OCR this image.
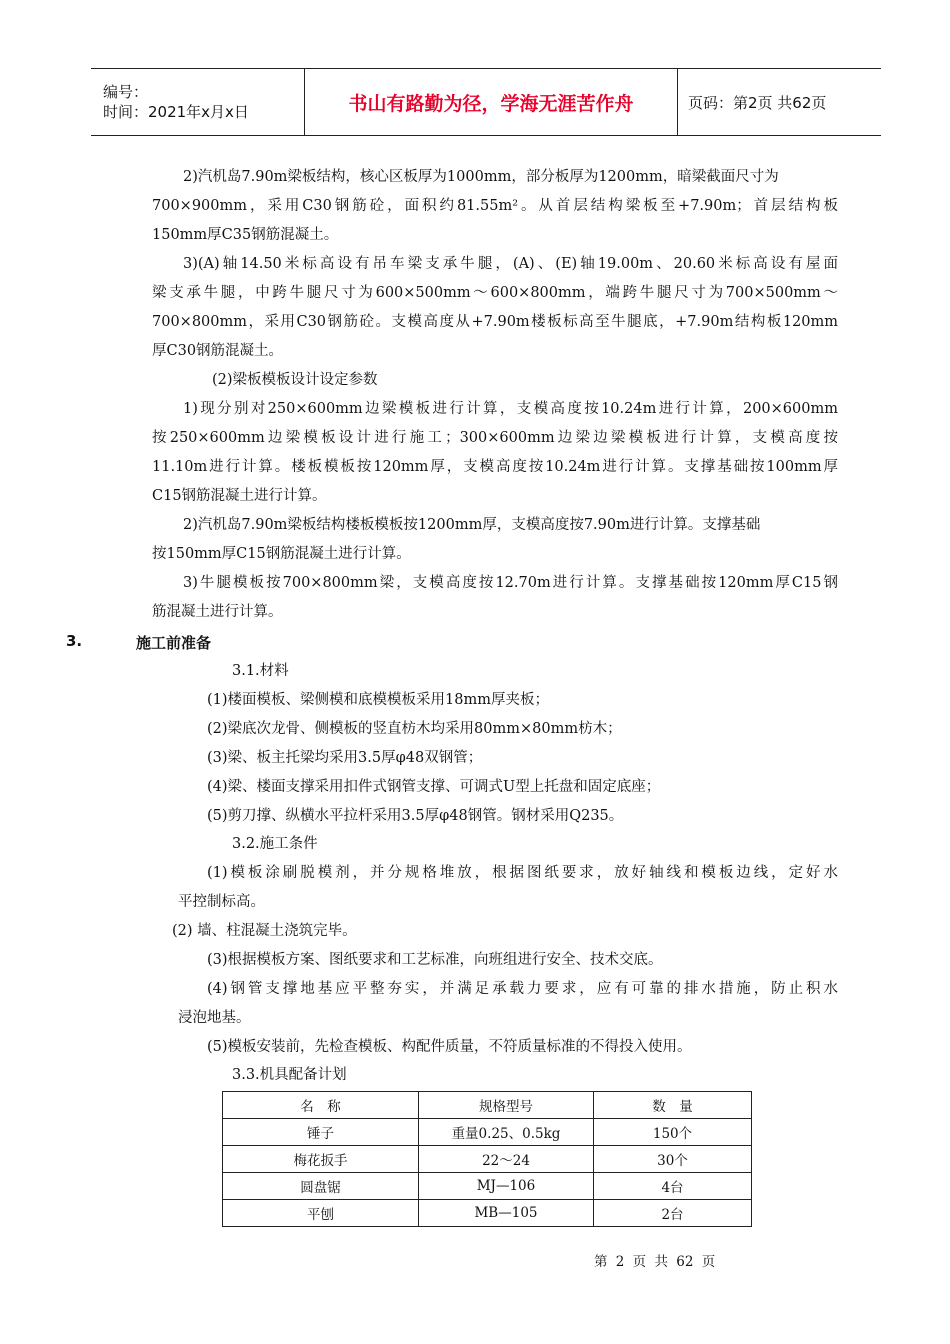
编号：
时间：2021年x月x日	书山有路勤为径，学海无涯苦作舟	页码：第2页 共62页
2)汽机岛7.90m梁板结构，核心区板厚为1000mm，部分板厚为1200mm，暗梁截面尺寸为
700×900mm，采用C30钢筋砼，面积约81.55m²。从首层结构梁板至+7.90m；首层结构板
150mm厚C35钢筋混凝土。
3)(A)轴14.50米标高设有吊车梁支承牛腿，(A)、(E)轴19.00m、20.60米标高设有屋面
梁支承牛腿，中跨牛腿尺寸为600×500mm～600×800mm，端跨牛腿尺寸为700×500mm～
700×800mm，采用C30钢筋砼。支模高度从+7.90m楼板标高至牛腿底，+7.90m结构板120mm
厚C30钢筋混凝土。
(2)梁板模板设计设定参数
1)现分别对250×600mm边梁模板进行计算，支模高度按10.24m进行计算，200×600mm
按250×600mm边梁模板设计进行施工；300×600mm边梁边梁模板进行计算，支模高度按
11.10m进行计算。楼板模板按120mm厚，支模高度按10.24m进行计算。支撑基础按100mm厚
C15钢筋混凝土进行计算。
2)汽机岛7.90m梁板结构楼板模板按1200mm厚，支模高度按7.90m进行计算。支撑基础
按150mm厚C15钢筋混凝土进行计算。
3)牛腿模板按700×800mm梁，支模高度按12.70m进行计算。支撑基础按120mm厚C15钢
筋混凝土进行计算。
3.	施工前准备
3.1.材料
(1)楼面模板、梁侧模和底模模板采用18mm厚夹板；
(2)梁底次龙骨、侧模板的竖直枋木均采用80mm×80mm枋木；
(3)梁、板主托梁均采用3.5厚φ48双钢管；
(4)梁、楼面支撑采用扣件式钢管支撑、可调式U型上托盘和固定底座；
(5)剪刀撑、纵横水平拉杆采用3.5厚φ48钢管。钢材采用Q235。
3.2.施工条件
(1)模板涂刷脱模剂，并分规格堆放，根据图纸要求，放好轴线和模板边线，定好水
平控制标高。
(2) 墙、柱混凝土浇筑完毕。
(3)根据模板方案、图纸要求和工艺标准，向班组进行安全、技术交底。
(4)钢管支撑地基应平整夯实，并满足承载力要求，应有可靠的排水措施，防止积水
浸泡地基。
(5)模板安装前，先检查模板、构配件质量，不符质量标准的不得投入使用。
3.3.机具配备计划
名　称	规格型号	数　量
锤子	重量0.25、0.5kg	150个
梅花扳手	22～24	30个
圆盘锯	MJ—106	4台
平刨	MB—105	2台
第 2 页 共 62 页
